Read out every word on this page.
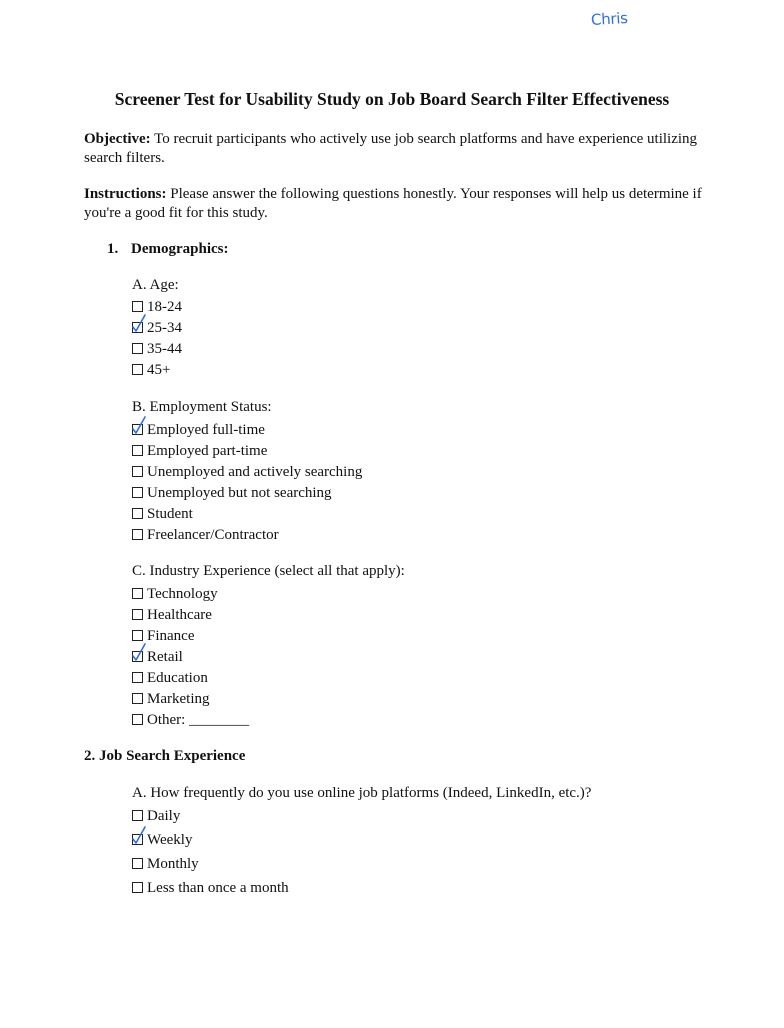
Chris
Screener Test for Usability Study on Job Board Search Filter Effectiveness
Objective: To recruit participants who actively use job search platforms and have experience utilizing search filters.
Instructions: Please answer the following questions honestly. Your responses will help us determine if you're a good fit for this study.
1. Demographics:
A. Age:
18-24
25-34
35-44
45+
B. Employment Status:
Employed full-time
Employed part-time
Unemployed and actively searching
Unemployed but not searching
Student
Freelancer/Contractor
C. Industry Experience (select all that apply):
Technology
Healthcare
Finance
Retail
Education
Marketing
Other: ________
2. Job Search Experience
A. How frequently do you use online job platforms (Indeed, LinkedIn, etc.)?
Daily
Weekly
Monthly
Less than once a month
